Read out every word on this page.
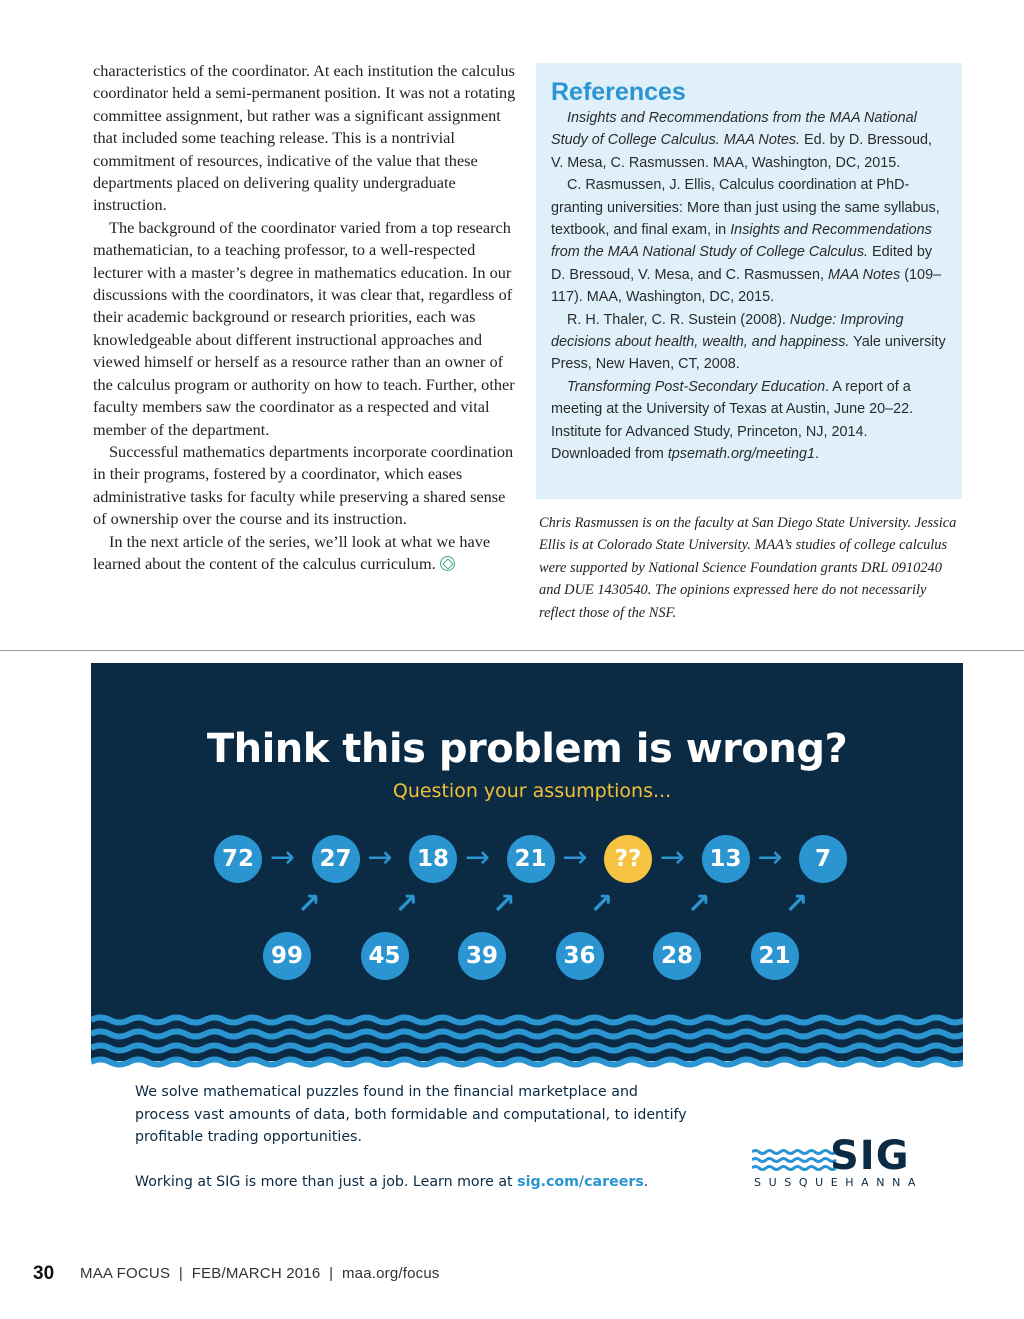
characteristics of the coordinator. At each institution the calculus coordinator held a semi-permanent position. It was not a rotating committee assignment, but rather was a significant assignment that included some teaching release. This is a nontrivial commitment of resources, indicative of the value that these departments placed on delivering quality undergraduate instruction.

The background of the coordinator varied from a top research mathematician, to a teaching professor, to a well-respected lecturer with a master’s degree in mathematics education. In our discussions with the coordinators, it was clear that, regardless of their academic background or research priorities, each was knowledgeable about different instructional approaches and viewed himself or herself as a resource rather than an owner of the calculus program or authority on how to teach. Further, other faculty members saw the coordinator as a respected and vital member of the department.

Successful mathematics departments incorporate coordination in their programs, fostered by a coordinator, which eases administrative tasks for faculty while preserving a shared sense of ownership over the course and its instruction.

In the next article of the series, we’ll look at what we have learned about the content of the calculus curriculum.

References

Insights and Recommendations from the MAA National Study of College Calculus. MAA Notes. Ed. by D. Bressoud, V. Mesa, C. Rasmussen. MAA, Washington, DC, 2015.

C. Rasmussen, J. Ellis, Calculus coordination at PhD-granting universities: More than just using the same syllabus, textbook, and final exam, in Insights and Recommendations from the MAA National Study of College Calculus. Edited by D. Bressoud, V. Mesa, and C. Rasmussen, MAA Notes (109–117). MAA, Washington, DC, 2015.

R. H. Thaler, C. R. Sustein (2008). Nudge: Improving decisions about health, wealth, and happiness. Yale university Press, New Haven, CT, 2008.

Transforming Post-Secondary Education. A report of a meeting at the University of Texas at Austin, June 20–22. Institute for Advanced Study, Princeton, NJ, 2014. Downloaded from tpsemath.org/meeting1.

Chris Rasmussen is on the faculty at San Diego State University. Jessica Ellis is at Colorado State University. MAA’s studies of college calculus were supported by National Science Foundation grants DRL 0910240 and DUE 1430540. The opinions expressed here do not necessarily reflect those of the NSF.
Think this problem is wrong?
Question your assumptions...

We solve mathematical puzzles found in the financial marketplace and process vast amounts of data, both formidable and computational, to identify profitable trading opportunities.

Working at SIG is more than just a job. Learn more at sig.com/careers.
SIG
SUSQUEHANNA
30 MAA FOCUS  |  FEB/MARCH 2016  |  maa.org/focus
72 →	27 →	18 →	21 →	?? →	13 →	7
99
↗
45
↗
39
↗
36
↗
28
↗
21
↗
